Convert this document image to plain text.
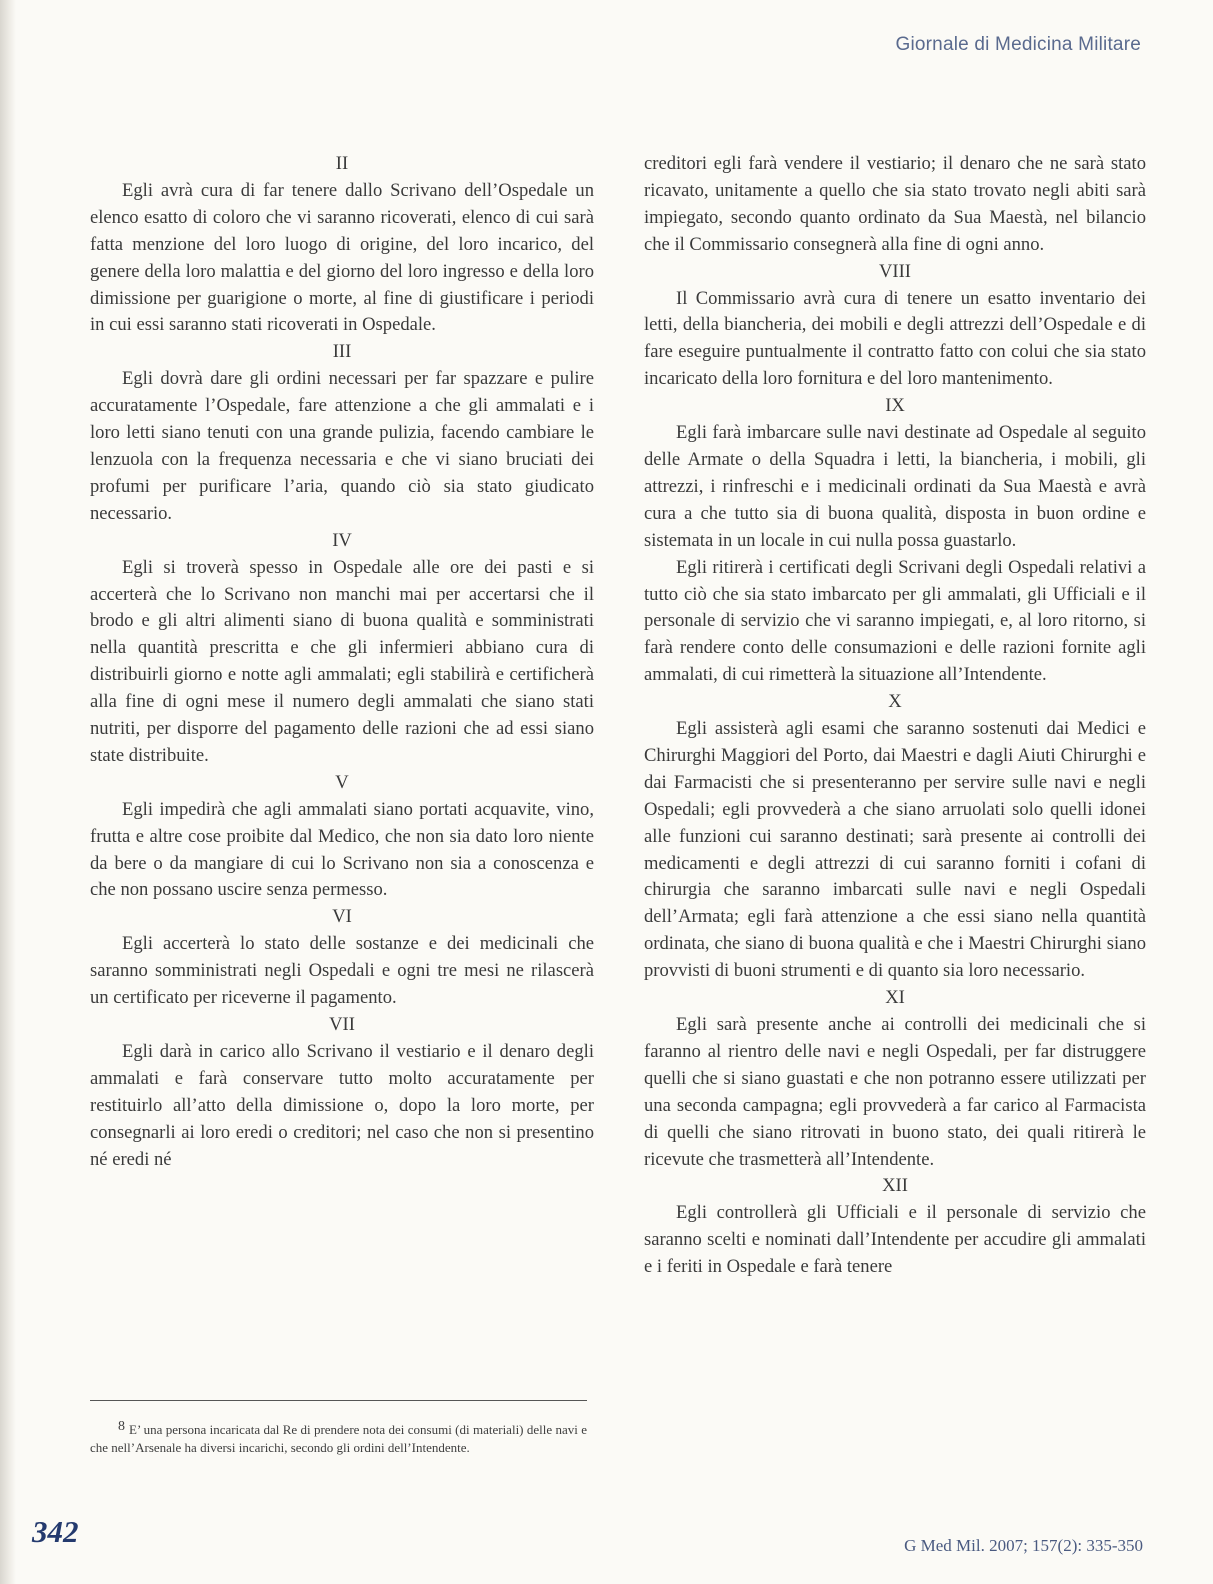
Giornale di Medicina Militare
II
Egli avrà cura di far tenere dallo Scrivano dell’Ospedale un elenco esatto di coloro che vi saranno ricoverati, elenco di cui sarà fatta menzione del loro luogo di origine, del loro incarico, del genere della loro malattia e del giorno del loro ingresso e della loro dimissione per guarigione o morte, al fine di giustificare i periodi in cui essi saranno stati ricoverati in Ospedale.
III
Egli dovrà dare gli ordini necessari per far spazzare e pulire accuratamente l’Ospedale, fare attenzione a che gli ammalati e i loro letti siano tenuti con una grande pulizia, facendo cambiare le lenzuola con la frequenza necessaria e che vi siano bruciati dei profumi per purificare l’aria, quando ciò sia stato giudicato necessario.
IV
Egli si troverà spesso in Ospedale alle ore dei pasti e si accerterà che lo Scrivano non manchi mai per accertarsi che il brodo e gli altri alimenti siano di buona qualità e somministrati nella quantità prescritta e che gli infermieri abbiano cura di distribuirli giorno e notte agli ammalati; egli stabilirà e certificherà alla fine di ogni mese il numero degli ammalati che siano stati nutriti, per disporre del pagamento delle razioni che ad essi siano state distribuite.
V
Egli impedirà che agli ammalati siano portati acquavite, vino, frutta e altre cose proibite dal Medico, che non sia dato loro niente da bere o da mangiare di cui lo Scrivano non sia a conoscenza e che non possano uscire senza permesso.
VI
Egli accerterà lo stato delle sostanze e dei medicinali che saranno somministrati negli Ospedali e ogni tre mesi ne rilascerà un certificato per riceverne il pagamento.
VII
Egli darà in carico allo Scrivano il vestiario e il denaro degli ammalati e farà conservare tutto molto accuratamente per restituirlo all’atto della dimissione o, dopo la loro morte, per consegnarli ai loro eredi o creditori; nel caso che non si presentino né eredi né
creditori egli farà vendere il vestiario; il denaro che ne sarà stato ricavato, unitamente a quello che sia stato trovato negli abiti sarà impiegato, secondo quanto ordinato da Sua Maestà, nel bilancio che il Commissario consegnerà alla fine di ogni anno.
VIII
Il Commissario avrà cura di tenere un esatto inventario dei letti, della biancheria, dei mobili e degli attrezzi dell’Ospedale e di fare eseguire puntualmente il contratto fatto con colui che sia stato incaricato della loro fornitura e del loro mantenimento.
IX
Egli farà imbarcare sulle navi destinate ad Ospedale al seguito delle Armate o della Squadra i letti, la biancheria, i mobili, gli attrezzi, i rinfreschi e i medicinali ordinati da Sua Maestà e avrà cura a che tutto sia di buona qualità, disposta in buon ordine e sistemata in un locale in cui nulla possa guastarlo.
Egli ritirerà i certificati degli Scrivani degli Ospedali relativi a tutto ciò che sia stato imbarcato per gli ammalati, gli Ufficiali e il personale di servizio che vi saranno impiegati, e, al loro ritorno, si farà rendere conto delle consumazioni e delle razioni fornite agli ammalati, di cui rimetterà la situazione all’Intendente.
X
Egli assisterà agli esami che saranno sostenuti dai Medici e Chirurghi Maggiori del Porto, dai Maestri e dagli Aiuti Chirurghi e dai Farmacisti che si presenteranno per servire sulle navi e negli Ospedali; egli provvederà a che siano arruolati solo quelli idonei alle funzioni cui saranno destinati; sarà presente ai controlli dei medicamenti e degli attrezzi di cui saranno forniti i cofani di chirurgia che saranno imbarcati sulle navi e negli Ospedali dell’Armata; egli farà attenzione a che essi siano nella quantità ordinata, che siano di buona qualità e che i Maestri Chirurghi siano provvisti di buoni strumenti e di quanto sia loro necessario.
XI
Egli sarà presente anche ai controlli dei medicinali che si faranno al rientro delle navi e negli Ospedali, per far distruggere quelli che si siano guastati e che non potranno essere utilizzati per una seconda campagna; egli provvederà a far carico al Farmacista di quelli che siano ritrovati in buono stato, dei quali ritirerà le ricevute che trasmetterà all’Intendente.
XII
Egli controllerà gli Ufficiali e il personale di servizio che saranno scelti e nominati dall’Intendente per accudire gli ammalati e i feriti in Ospedale e farà tenere
$^8$ E’ una persona incaricata dal Re di prendere nota dei consumi (di materiali) delle navi e che nell’Arsenale ha diversi incarichi, secondo gli ordini dell’Intendente.
342	G Med Mil. 2007; 157(2): 335-350
